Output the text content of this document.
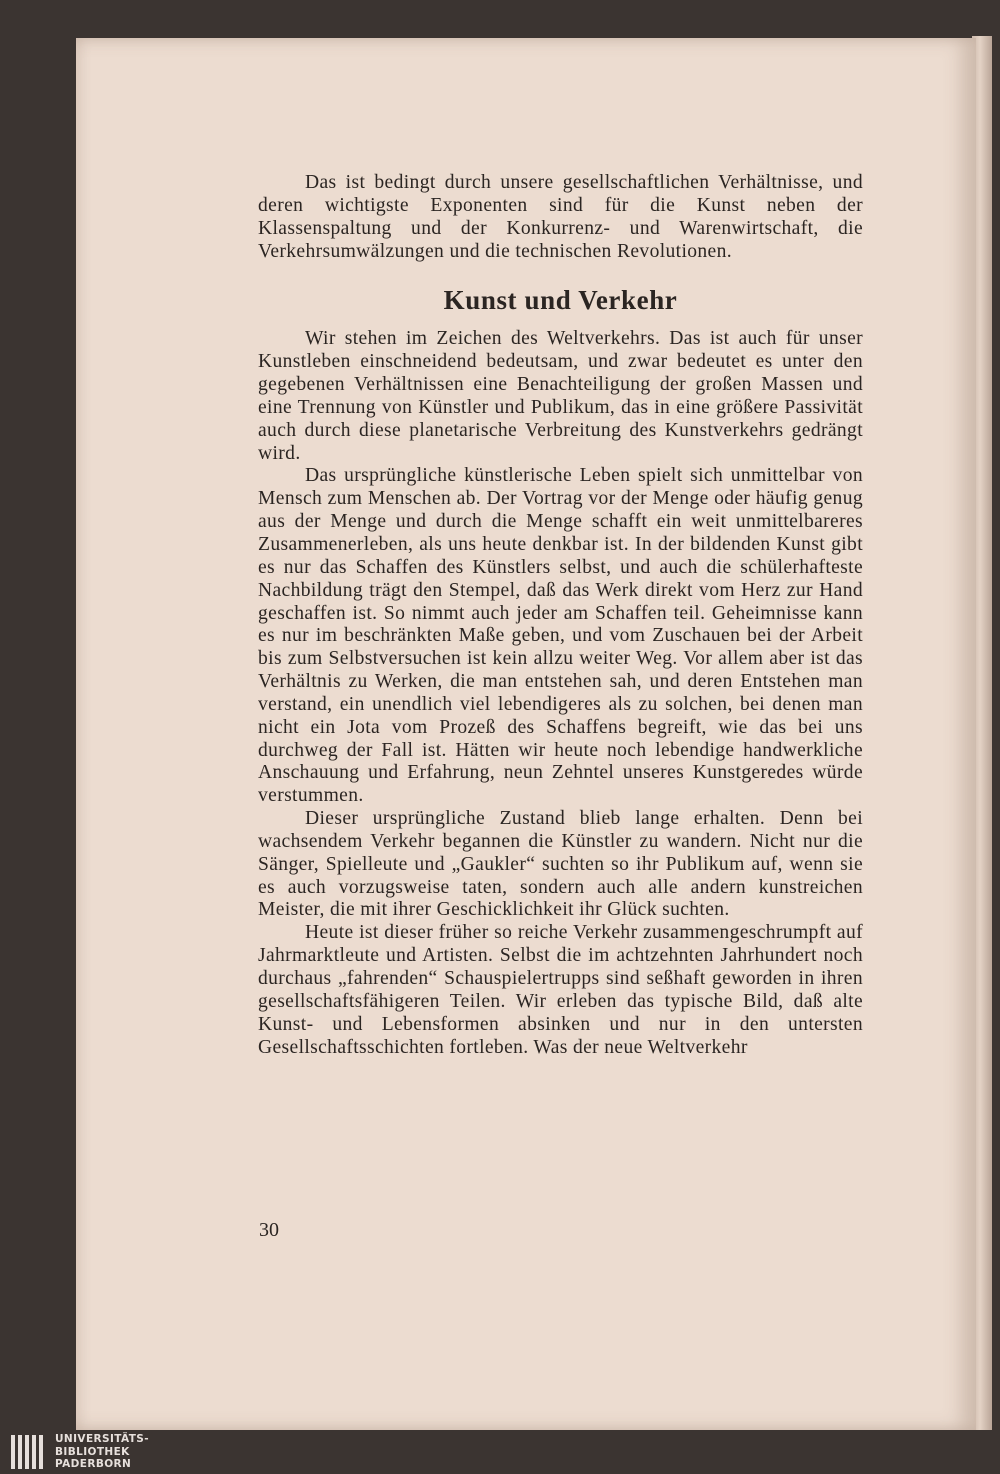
Das ist bedingt durch unsere gesellschaftlichen Verhältnisse, und deren wichtigste Exponenten sind für die Kunst neben der Klassenspaltung und der Konkurrenz- und Warenwirtschaft, die Verkehrsumwälzungen und die technischen Revolutionen.

Kunst und Verkehr

Wir stehen im Zeichen des Weltverkehrs. Das ist auch für unser Kunstleben einschneidend bedeutsam, und zwar bedeutet es unter den gegebenen Verhältnissen eine Benachteiligung der großen Massen und eine Trennung von Künstler und Publikum, das in eine größere Passivität auch durch diese planetarische Verbreitung des Kunstverkehrs gedrängt wird.

Das ursprüngliche künstlerische Leben spielt sich unmittelbar von Mensch zum Menschen ab. Der Vortrag vor der Menge oder häufig genug aus der Menge und durch die Menge schafft ein weit unmittelbareres Zusammenerleben, als uns heute denkbar ist. In der bildenden Kunst gibt es nur das Schaffen des Künstlers selbst, und auch die schülerhafteste Nachbildung trägt den Stempel, daß das Werk direkt vom Herz zur Hand geschaffen ist. So nimmt auch jeder am Schaffen teil. Geheimnisse kann es nur im beschränkten Maße geben, und vom Zuschauen bei der Arbeit bis zum Selbstversuchen ist kein allzu weiter Weg. Vor allem aber ist das Verhältnis zu Werken, die man entstehen sah, und deren Entstehen man verstand, ein unendlich viel lebendigeres als zu solchen, bei denen man nicht ein Jota vom Prozeß des Schaffens begreift, wie das bei uns durchweg der Fall ist. Hätten wir heute noch lebendige handwerkliche Anschauung und Erfahrung, neun Zehntel unseres Kunstgeredes würde verstummen.

Dieser ursprüngliche Zustand blieb lange erhalten. Denn bei wachsendem Verkehr begannen die Künstler zu wandern. Nicht nur die Sänger, Spielleute und „Gaukler“ suchten so ihr Publikum auf, wenn sie es auch vorzugsweise taten, sondern auch alle andern kunstreichen Meister, die mit ihrer Geschicklichkeit ihr Glück suchten.

Heute ist dieser früher so reiche Verkehr zusammengeschrumpft auf Jahrmarktleute und Artisten. Selbst die im achtzehnten Jahrhundert noch durchaus „fahrenden“ Schauspielertrupps sind seßhaft geworden in ihren gesellschaftsfähigeren Teilen. Wir erleben das typische Bild, daß alte Kunst- und Lebensformen absinken und nur in den untersten Gesellschaftsschichten fortleben. Was der neue Weltverkehr

30
UNIVERSITÄTS-
BIBLIOTHEK
PADERBORN
